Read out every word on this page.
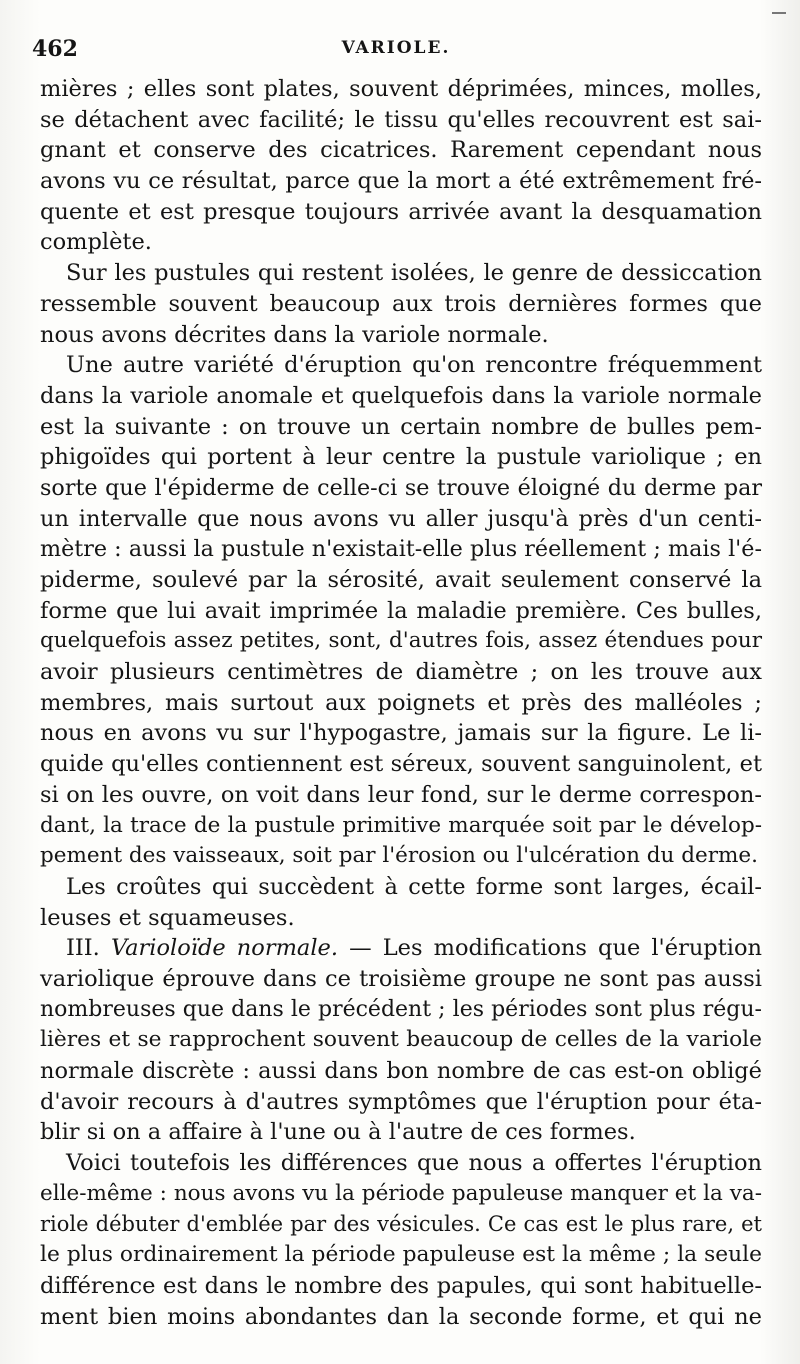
462	VARIOLE.
mières ; elles sont plates, souvent déprimées, minces, molles,
se détachent avec facilité; le tissu qu'elles recouvrent est sai-
gnant et conserve des cicatrices. Rarement cependant nous
avons vu ce résultat, parce que la mort a été extrêmement fré-
quente et est presque toujours arrivée avant la desquamation
complète.
Sur les pustules qui restent isolées, le genre de dessiccation
ressemble souvent beaucoup aux trois dernières formes que
nous avons décrites dans la variole normale.
Une autre variété d'éruption qu'on rencontre fréquemment
dans la variole anomale et quelquefois dans la variole normale
est la suivante : on trouve un certain nombre de bulles pem-
phigoïdes qui portent à leur centre la pustule variolique ; en
sorte que l'épiderme de celle-ci se trouve éloigné du derme par
un intervalle que nous avons vu aller jusqu'à près d'un centi-
mètre : aussi la pustule n'existait-elle plus réellement ; mais l'é-
piderme, soulevé par la sérosité, avait seulement conservé la
forme que lui avait imprimée la maladie première. Ces bulles,
quelquefois assez petites, sont, d'autres fois, assez étendues pour
avoir plusieurs centimètres de diamètre ; on les trouve aux
membres, mais surtout aux poignets et près des malléoles ;
nous en avons vu sur l'hypogastre, jamais sur la figure. Le li-
quide qu'elles contiennent est séreux, souvent sanguinolent, et
si on les ouvre, on voit dans leur fond, sur le derme correspon-
dant, la trace de la pustule primitive marquée soit par le dévelop-
pement des vaisseaux, soit par l'érosion ou l'ulcération du derme.
Les croûtes qui succèdent à cette forme sont larges, écail-
leuses et squameuses.
III. Varioloïde normale. — Les modifications que l'éruption
variolique éprouve dans ce troisième groupe ne sont pas aussi
nombreuses que dans le précédent ; les périodes sont plus régu-
lières et se rapprochent souvent beaucoup de celles de la variole
normale discrète : aussi dans bon nombre de cas est-on obligé
d'avoir recours à d'autres symptômes que l'éruption pour éta-
blir si on a affaire à l'une ou à l'autre de ces formes.
Voici toutefois les différences que nous a offertes l'éruption
elle-même : nous avons vu la période papuleuse manquer et la va-
riole débuter d'emblée par des vésicules. Ce cas est le plus rare, et
le plus ordinairement la période papuleuse est la même ; la seule
différence est dans le nombre des papules, qui sont habituelle-
ment bien moins abondantes dan la seconde forme, et qui ne
